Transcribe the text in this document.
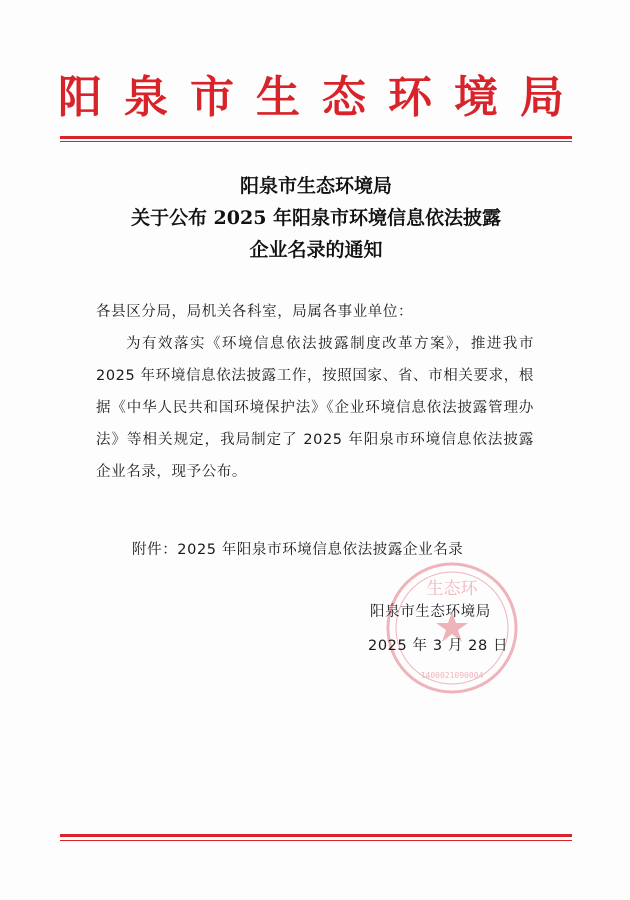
阳泉市生态环境局
阳泉市生态环境局
关于公布 2025 年阳泉市环境信息依法披露
企业名录的通知
各县区分局，局机关各科室，局属各事业单位：
为有效落实《环境信息依法披露制度改革方案》，推进我市 2025 年环境信息依法披露工作，按照国家、省、市相关要求，根据《中华人民共和国环境保护法》《企业环境信息依法披露管理办法》等相关规定，我局制定了 2025 年阳泉市环境信息依法披露企业名录，现予公布。
附件：2025 年阳泉市环境信息依法披露企业名录
生态环
1400021090004
阳泉市生态环境局
2025 年 3 月 28 日
